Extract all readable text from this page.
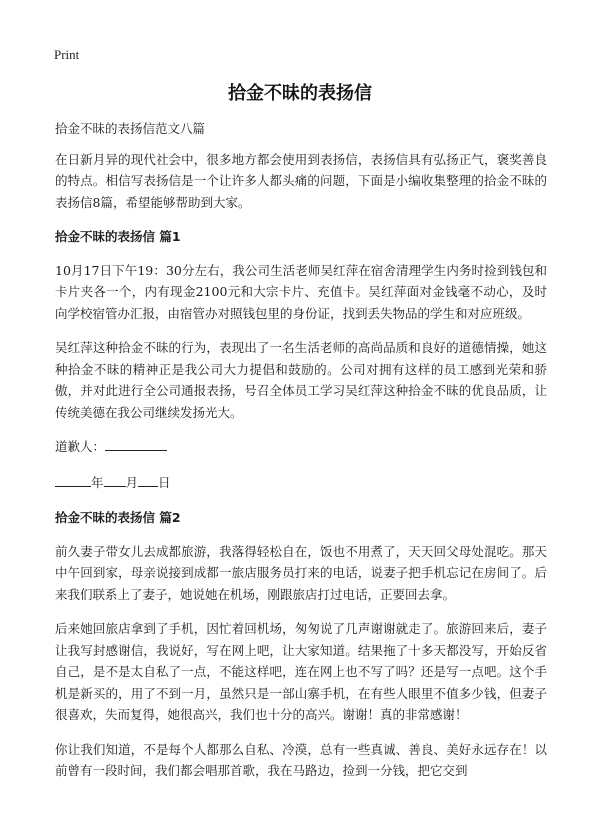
Print
拾金不昧的表扬信

拾金不昧的表扬信范文八篇

在日新月异的现代社会中，很多地方都会使用到表扬信，表扬信具有弘扬正气，褒奖善良的特点。相信写表扬信是一个让许多人都头痛的问题，下面是小编收集整理的拾金不昧的表扬信8篇，希望能够帮助到大家。

拾金不昧的表扬信 篇1

10月17日下午19：30分左右，我公司生活老师吴红萍在宿舍清理学生内务时捡到钱包和卡片夹各一个，内有现金2100元和大宗卡片、充值卡。吴红萍面对金钱毫不动心，及时向学校宿管办汇报，由宿管办对照钱包里的身份证，找到丢失物品的学生和对应班级。

吴红萍这种拾金不昧的行为，表现出了一名生活老师的高尚品质和良好的道德情操，她这种拾金不昧的精神正是我公司大力提倡和鼓励的。公司对拥有这样的员工感到光荣和骄傲，并对此进行全公司通报表扬，号召全体员工学习吴红萍这种拾金不昧的优良品质，让传统美德在我公司继续发扬光大。

道歉人：

年 月 日

拾金不昧的表扬信 篇2

前久妻子带女儿去成都旅游，我落得轻松自在，饭也不用煮了，天天回父母处混吃。那天中午回到家，母亲说接到成都一旅店服务员打来的电话，说妻子把手机忘记在房间了。后来我们联系上了妻子，她说她在机场，刚跟旅店打过电话，正要回去拿。

后来她回旅店拿到了手机，因忙着回机场，匆匆说了几声谢谢就走了。旅游回来后，妻子让我写封感谢信，我说好，写在网上吧，让大家知道。结果拖了十多天都没写，开始反省自己，是不是太自私了一点，不能这样吧，连在网上也不写了吗？还是写一点吧。这个手机是新买的，用了不到一月，虽然只是一部山寨手机，在有些人眼里不值多少钱，但妻子很喜欢，失而复得，她很高兴，我们也十分的高兴。谢谢！真的非常感谢！

你让我们知道，不是每个人都那么自私、冷漠，总有一些真诚、善良、美好永远存在！以前曾有一段时间，我们都会唱那首歌，我在马路边，捡到一分钱，把它交到
